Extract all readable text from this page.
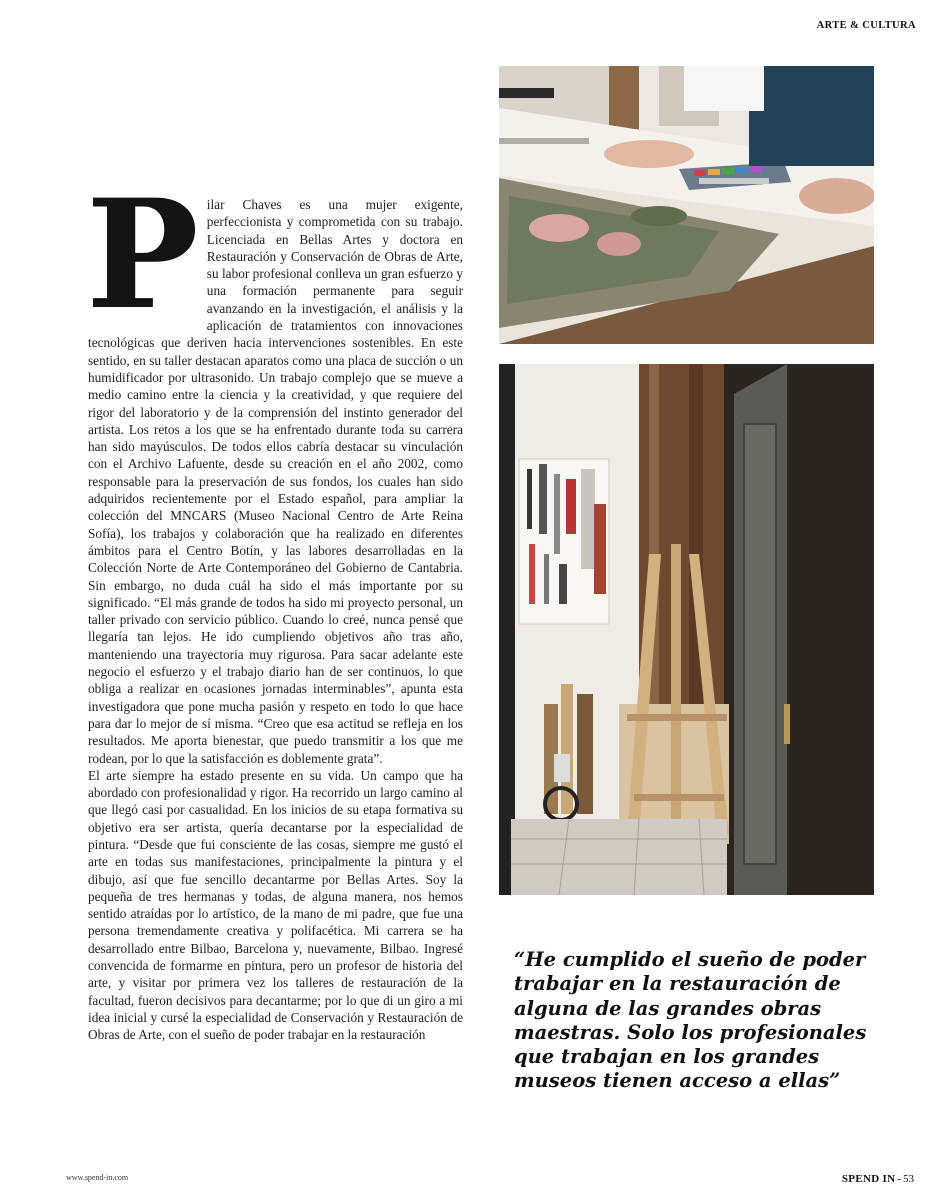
ARTE & CULTURA
P ilar Chaves es una mujer exigente, perfeccionista y comprometida con su trabajo. Licenciada en Bellas Artes y doctora en Restauración y Conservación de Obras de Arte, su labor profesional conlleva un gran esfuerzo y una formación permanente para seguir avanzando en la investigación, el análisis y la aplicación de tratamientos con innovaciones tecnológicas que deriven hacia intervenciones sostenibles. En este sentido, en su taller destacan aparatos como una placa de succión o un humidificador por ultrasonido. Un trabajo complejo que se mueve a medio camino entre la ciencia y la creatividad, y que requiere del rigor del laboratorio y de la comprensión del instinto generador del artista. Los retos a los que se ha enfrentado durante toda su carrera han sido mayúsculos. De todos ellos cabría destacar su vinculación con el Archivo Lafuente, desde su creación en el año 2002, como responsable para la preservación de sus fondos, los cuales han sido adquiridos recientemente por el Estado español, para ampliar la colección del MNCARS (Museo Nacional Centro de Arte Reina Sofía), los trabajos y colaboración que ha realizado en diferentes ámbitos para el Centro Botín, y las labores desarrolladas en la Colección Norte de Arte Contemporáneo del Gobierno de Cantabria. Sin embargo, no duda cuál ha sido el más importante por su significado. “El más grande de todos ha sido mi proyecto personal, un taller privado con servicio público. Cuando lo creé, nunca pensé que llegaría tan lejos. He ido cumpliendo objetivos año tras año, manteniendo una trayectoria muy rigurosa. Para sacar adelante este negocio el esfuerzo y el trabajo diario han de ser continuos, lo que obliga a realizar en ocasiones jornadas interminables”, apunta esta investigadora que pone mucha pasión y respeto en todo lo que hace para dar lo mejor de sí misma. “Creo que esa actitud se refleja en los resultados. Me aporta bienestar, que puedo transmitir a los que me rodean, por lo que la satisfacción es doblemente grata”.

El arte siempre ha estado presente en su vida. Un campo que ha abordado con profesionalidad y rigor. Ha recorrido un largo camino al que llegó casi por casualidad. En los inicios de su etapa formativa su objetivo era ser artista, quería decantarse por la especialidad de pintura. “Desde que fui consciente de las cosas, siempre me gustó el arte en todas sus manifestaciones, principalmente la pintura y el dibujo, así que fue sencillo decantarme por Bellas Artes. Soy la pequeña de tres hermanas y todas, de alguna manera, nos hemos sentido atraídas por lo artístico, de la mano de mi padre, que fue una persona tremendamente creativa y polifacética. Mi carrera se ha desarrollado entre Bilbao, Barcelona y, nuevamente, Bilbao. Ingresé convencida de formarme en pintura, pero un profesor de historia del arte, y visitar por primera vez los talleres de restauración de la facultad, fueron decisivos para decantarme; por lo que di un giro a mi idea inicial y cursé la especialidad de Conservación y Restauración de Obras de Arte, con el sueño de poder trabajar en la restauración

“He cumplido el sueño de poder trabajar en la restauración de alguna de las grandes obras maestras. Solo los profesionales que trabajan en los grandes museos tienen acceso a ellas”
www.spend-in.com	SPEND IN - 53
